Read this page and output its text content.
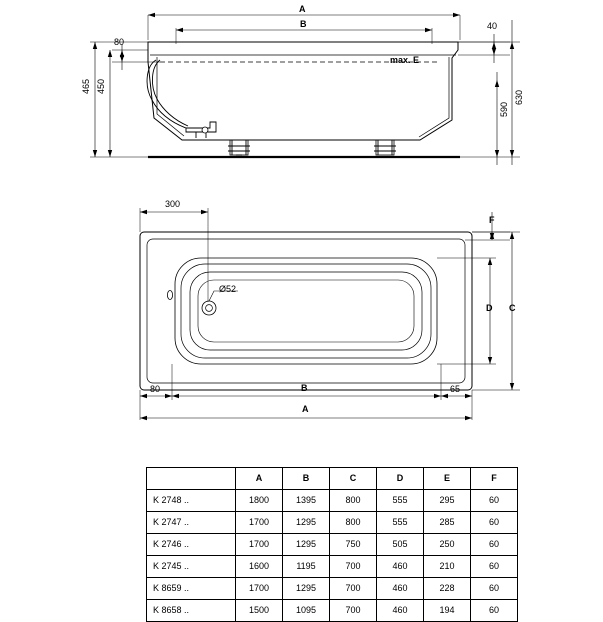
A
B
max. E
40
80
465 450
630
590
300
Ø52
80	65
A
B
C
D
F
	A	B	C	D	E	F
K 2748 ..	1800	1395	800	555	295	60
K 2747 ..	1700	1295	800	555	285	60
K 2746 ..	1700	1295	750	505	250	60
K 2745 ..	1600	1195	700	460	210	60
K 8659 ..	1700	1295	700	460	228	60
K 8658 ..	1500	1095	700	460	194	60
